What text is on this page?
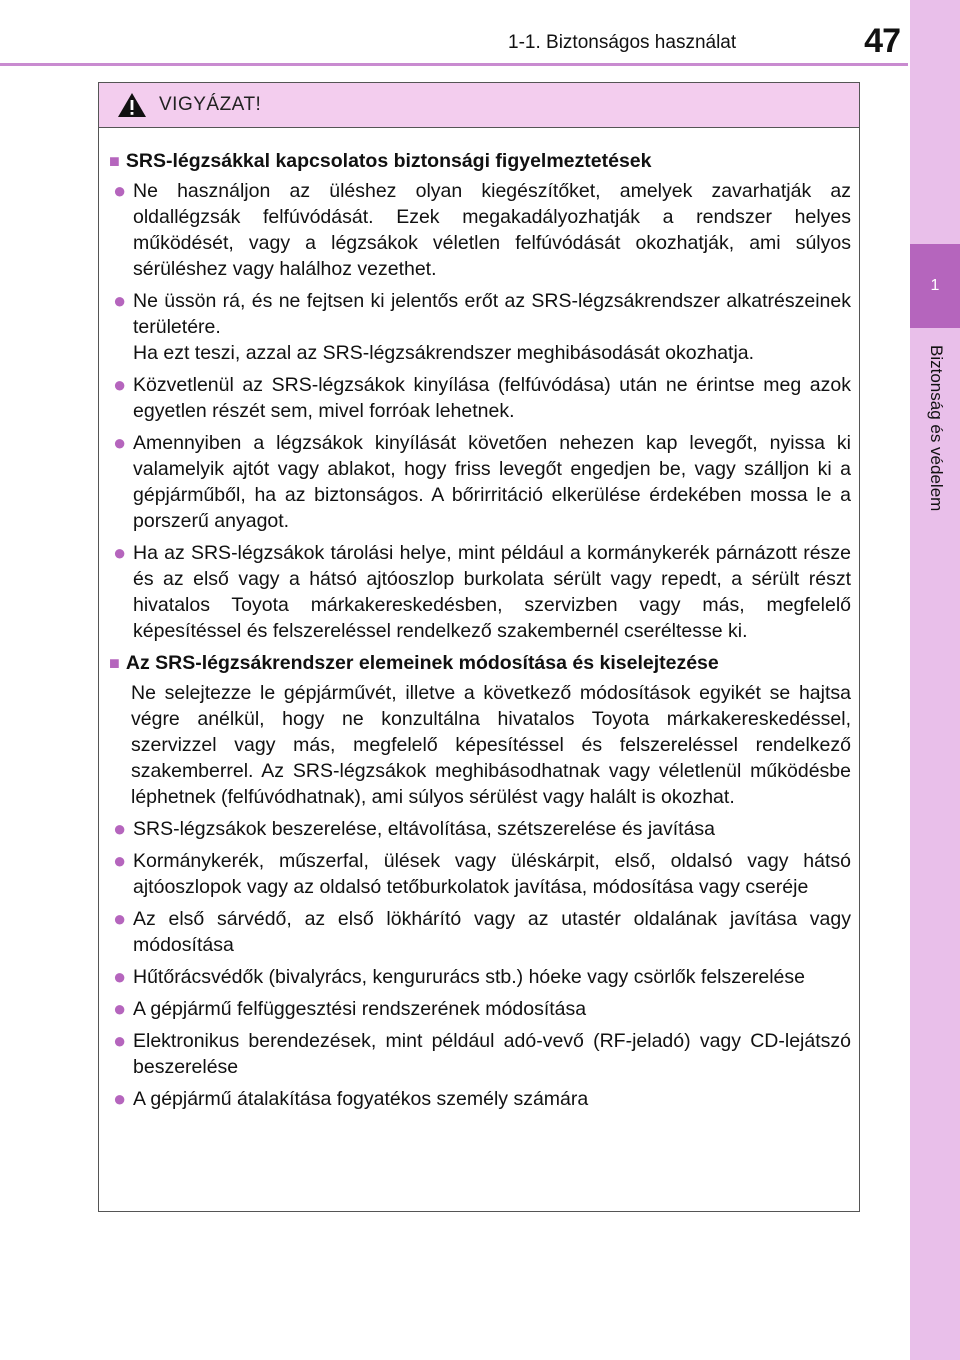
1-1. Biztonságos használat	47
1
Biztonság és védelem
VIGYÁZAT!
■ SRS-légzsákkal kapcsolatos biztonsági figyelmeztetések
● Ne használjon az üléshez olyan kiegészítőket, amelyek zavarhatják az oldallégzsák felfúvódását. Ezek megakadályozhatják a rendszer helyes működését, vagy a légzsákok véletlen felfúvódását okozhatják, ami súlyos sérüléshez vagy halálhoz vezethet.
● Ne üssön rá, és ne fejtsen ki jelentős erőt az SRS-légzsákrendszer alkatrészeinek területére.
Ha ezt teszi, azzal az SRS-légzsákrendszer meghibásodását okozhatja.
● Közvetlenül az SRS-légzsákok kinyílása (felfúvódása) után ne érintse meg azok egyetlen részét sem, mivel forróak lehetnek.
● Amennyiben a légzsákok kinyílását követően nehezen kap levegőt, nyissa ki valamelyik ajtót vagy ablakot, hogy friss levegőt engedjen be, vagy szálljon ki a gépjárműből, ha az biztonságos. A bőrirritáció elkerülése érdekében mossa le a porszerű anyagot.
● Ha az SRS-légzsákok tárolási helye, mint például a kormánykerék párnázott része és az első vagy a hátsó ajtóoszlop burkolata sérült vagy repedt, a sérült részt hivatalos Toyota márkakereskedésben, szervizben vagy más, megfelelő képesítéssel és felszereléssel rendelkező szakembernél cseréltesse ki.
■ Az SRS-légzsákrendszer elemeinek módosítása és kiselejtezése
Ne selejtezze le gépjárművét, illetve a következő módosítások egyikét se hajtsa végre anélkül, hogy ne konzultálna hivatalos Toyota márkakereskedéssel, szervizzel vagy más, megfelelő képesítéssel és felszereléssel rendelkező szakemberrel. Az SRS-légzsákok meghibásodhatnak vagy véletlenül működésbe léphetnek (felfúvódhatnak), ami súlyos sérülést vagy halált is okozhat.
● SRS-légzsákok beszerelése, eltávolítása, szétszerelése és javítása
● Kormánykerék, műszerfal, ülések vagy üléskárpit, első, oldalsó vagy hátsó ajtóoszlopok vagy az oldalsó tetőburkolatok javítása, módosítása vagy cseréje
● Az első sárvédő, az első lökhárító vagy az utastér oldalának javítása vagy módosítása
● Hűtőrácsvédők (bivalyrács, kengururács stb.) hóeke vagy csörlők felszerelése
● A gépjármű felfüggesztési rendszerének módosítása
● Elektronikus berendezések, mint például adó-vevő (RF-jeladó) vagy CD-lejátszó beszerelése
● A gépjármű átalakítása fogyatékos személy számára
